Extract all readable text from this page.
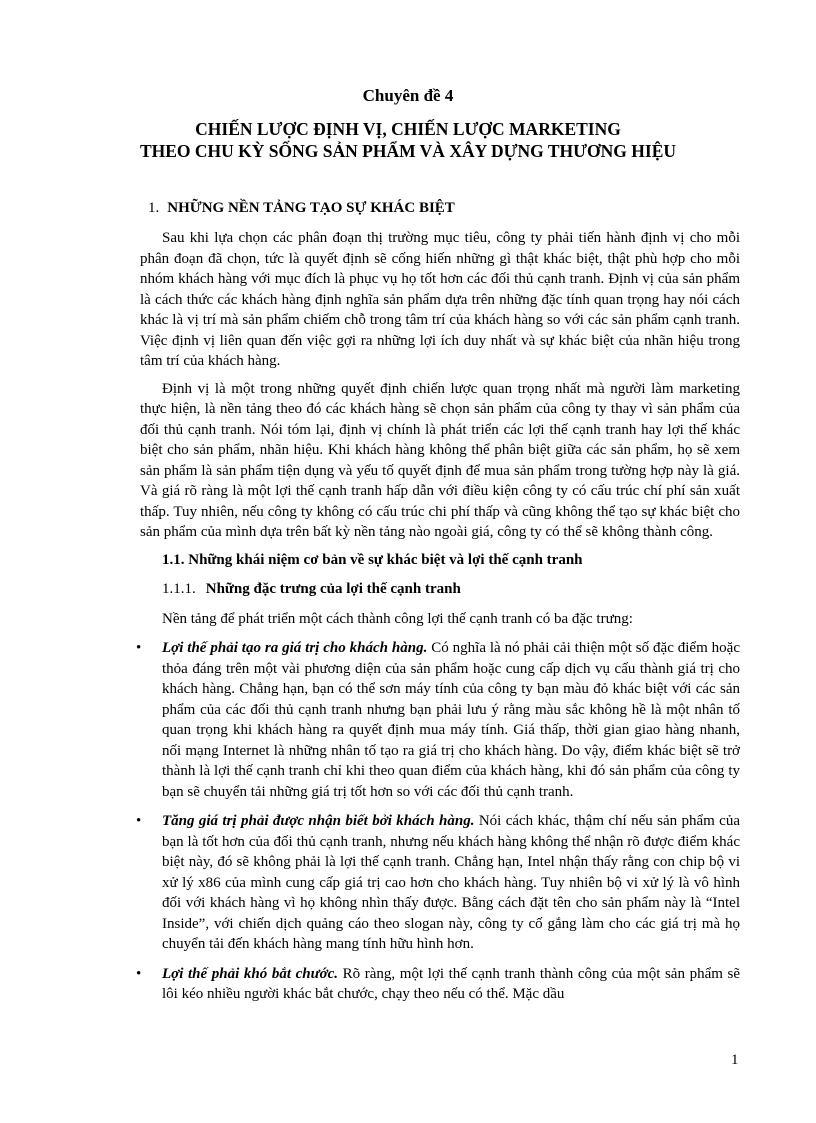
Chuyên đề 4
CHIẾN LƯỢC ĐỊNH VỊ, CHIẾN LƯỢC MARKETING
THEO CHU KỲ SỐNG SẢN PHẨM VÀ XÂY DỰNG THƯƠNG HIỆU
1. NHỮNG NỀN TẢNG TẠO SỰ KHÁC BIỆT

Sau khi lựa chọn các phân đoạn thị trường mục tiêu, công ty phải tiến hành định vị cho mỗi phân đoạn đã chọn, tức là quyết định sẽ cống hiến những gì thật khác biệt, thật phù hợp cho mỗi nhóm khách hàng với mục đích là phục vụ họ tốt hơn các đối thủ cạnh tranh. Định vị của sản phẩm là cách thức các khách hàng định nghĩa sản phẩm dựa trên những đặc tính quan trọng hay nói cách khác là vị trí mà sản phẩm chiếm chỗ trong tâm trí của khách hàng so với các sản phẩm cạnh tranh. Việc định vị liên quan đến việc gợi ra những lợi ích duy nhất và sự khác biệt của nhãn hiệu trong tâm trí của khách hàng.

Định vị là một trong những quyết định chiến lược quan trọng nhất mà người làm marketing thực hiện, là nền tảng theo đó các khách hàng sẽ chọn sản phẩm của công ty thay vì sản phẩm của đối thủ cạnh tranh. Nói tóm lại, định vị chính là phát triển các lợi thế cạnh tranh hay lợi thế khác biệt cho sản phẩm, nhãn hiệu. Khi khách hàng không thể phân biệt giữa các sản phẩm, họ sẽ xem sản phẩm là sản phẩm tiện dụng và yếu tố quyết định để mua sản phẩm trong tường hợp này là giá. Và giá rõ ràng là một lợi thế cạnh tranh hấp dẫn với điều kiện công ty có cấu trúc chí phí sản xuất thấp. Tuy nhiên, nếu công ty không có cấu trúc chi phí thấp và cũng không thể tạo sự khác biệt cho sản phẩm của mình dựa trên bất kỳ nền tảng nào ngoài giá, công ty có thể sẽ không thành công.

1.1. Những khái niệm cơ bản về sự khác biệt và lợi thế cạnh tranh
1.1.1. Những đặc trưng của lợi thế cạnh tranh

Nền tảng để phát triển một cách thành công lợi thế cạnh tranh có ba đặc trưng:

• Lợi thế phải tạo ra giá trị cho khách hàng. Có nghĩa là nó phải cải thiện một số đặc điểm hoặc thỏa đáng trên một vài phương diện của sản phẩm hoặc cung cấp dịch vụ cấu thành giá trị cho khách hàng. Chẳng hạn, bạn có thể sơn máy tính của công ty bạn màu đỏ khác biệt với các sản phẩm của các đối thủ cạnh tranh nhưng bạn phải lưu ý rằng màu sắc không hề là một nhân tố quan trọng khi khách hàng ra quyết định mua máy tính. Giá thấp, thời gian giao hàng nhanh, nối mạng Internet là những nhân tố tạo ra giá trị cho khách hàng. Do vậy, điểm khác biệt sẽ trở thành là lợi thế cạnh tranh chỉ khi theo quan điểm của khách hàng, khi đó sản phẩm của công ty bạn sẽ chuyển tải những giá trị tốt hơn so với các đối thủ cạnh tranh.
• Tăng giá trị phải được nhận biết bởi khách hàng. Nói cách khác, thậm chí nếu sản phẩm của bạn là tốt hơn của đối thủ cạnh tranh, nhưng nếu khách hàng không thể nhận rõ được điểm khác biệt này, đó sẽ không phải là lợi thế cạnh tranh. Chẳng hạn, Intel nhận thấy rằng con chip bộ vi xử lý x86 của mình cung cấp giá trị cao hơn cho khách hàng. Tuy nhiên bộ vi xử lý là vô hình đối với khách hàng vì họ không nhìn thấy được. Bằng cách đặt tên cho sản phẩm này là “Intel Inside”, với chiến dịch quảng cáo theo slogan này, công ty cố gắng làm cho các giá trị mà họ chuyển tải đến khách hàng mang tính hữu hình hơn.
• Lợi thế phải khó bắt chước. Rõ ràng, một lợi thế cạnh tranh thành công của một sản phẩm sẽ lôi kéo nhiều người khác bắt chước, chạy theo nếu có thể. Mặc dầu
1
